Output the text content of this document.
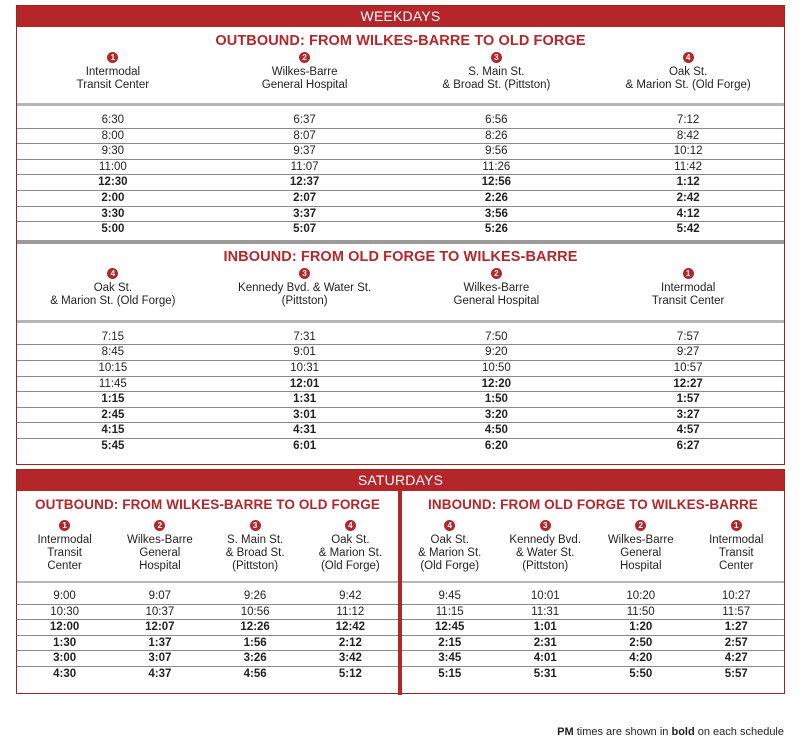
WEEKDAYS
OUTBOUND: FROM WILKES-BARRE TO OLD FORGE
1
Intermodal
Transit Center
2
Wilkes-Barre
General Hospital
3
S. Main St.
& Broad St. (Pittston)
4
Oak St.
& Marion St. (Old Forge)
6:30	6:37	6:56	7:12
8:00	8:07	8:26	8:42
9:30	9:37	9:56	10:12
11:00	11:07	11:26	11:42
12:30	12:37	12:56	1:12
2:00	2:07	2:26	2:42
3:30	3:37	3:56	4:12
5:00	5:07	5:26	5:42
INBOUND: FROM OLD FORGE TO WILKES-BARRE
4
Oak St.
& Marion St. (Old Forge)
3
Kennedy Bvd. & Water St.
(Pittston)
2
Wilkes-Barre
General Hospital
1
Intermodal
Transit Center
7:15	7:31	7:50	7:57
8:45	9:01	9:20	9:27
10:15	10:31	10:50	10:57
11:45	12:01	12:20	12:27
1:15	1:31	1:50	1:57
2:45	3:01	3:20	3:27
4:15	4:31	4:50	4:57
5:45	6:01	6:20	6:27
SATURDAYS
OUTBOUND: FROM WILKES-BARRE TO OLD FORGE
1
Intermodal
Transit
Center
2
Wilkes-Barre
General
Hospital
3
S. Main St.
& Broad St.
(Pittston)
4
Oak St.
& Marion St.
(Old Forge)
9:00	9:07	9:26	9:42
10:30	10:37	10:56	11:12
12:00	12:07	12:26	12:42
1:30	1:37	1:56	2:12
3:00	3:07	3:26	3:42
4:30	4:37	4:56	5:12
INBOUND: FROM OLD FORGE TO WILKES-BARRE
4
Oak St.
& Marion St.
(Old Forge)
3
Kennedy Bvd.
& Water St.
(Pittston)
2
Wilkes-Barre
General
Hospital
1
Intermodal
Transit
Center
9:45	10:01	10:20	10:27
11:15	11:31	11:50	11:57
12:45	1:01	1:20	1:27
2:15	2:31	2:50	2:57
3:45	4:01	4:20	4:27
5:15	5:31	5:50	5:57
PM times are shown in bold on each schedule
